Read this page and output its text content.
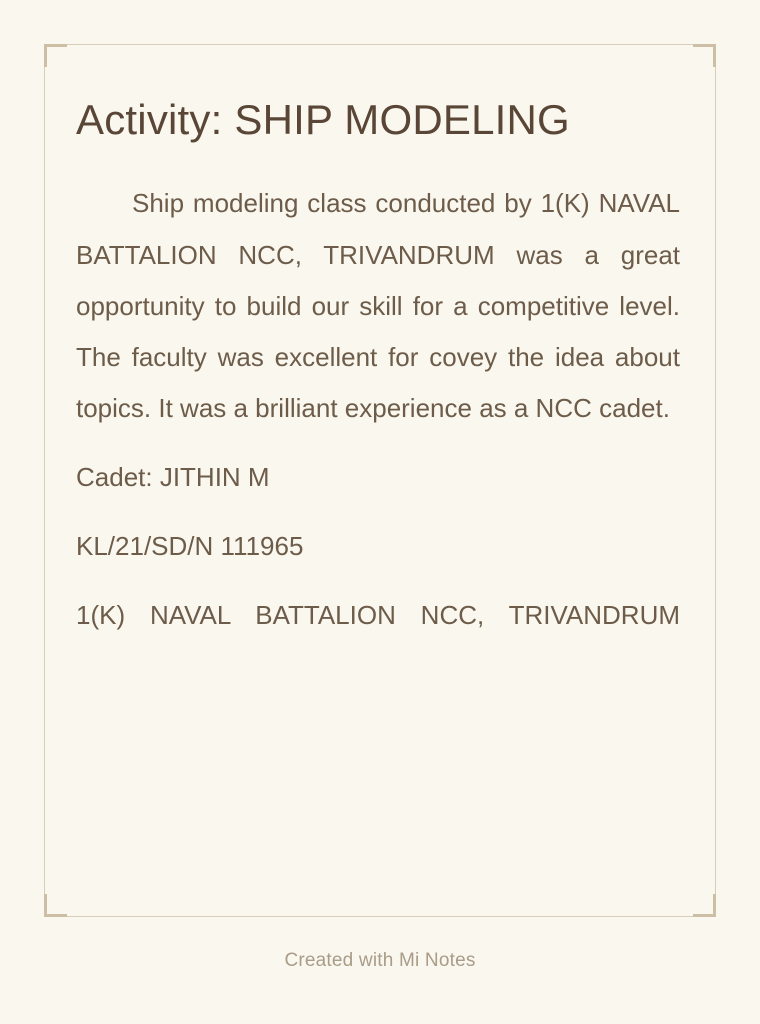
Activity: SHIP MODELING

Ship modeling class conducted by 1(K) NAVAL BATTALION NCC, TRIVANDRUM was a great opportunity to build our skill for a competitive level. The faculty was excellent for covey the idea about topics. It was a brilliant experience as a NCC cadet.

Cadet: JITHIN M

KL/21/SD/N 111965

1(K) NAVAL BATTALION NCC, TRIVANDRUM

Created with Mi Notes
